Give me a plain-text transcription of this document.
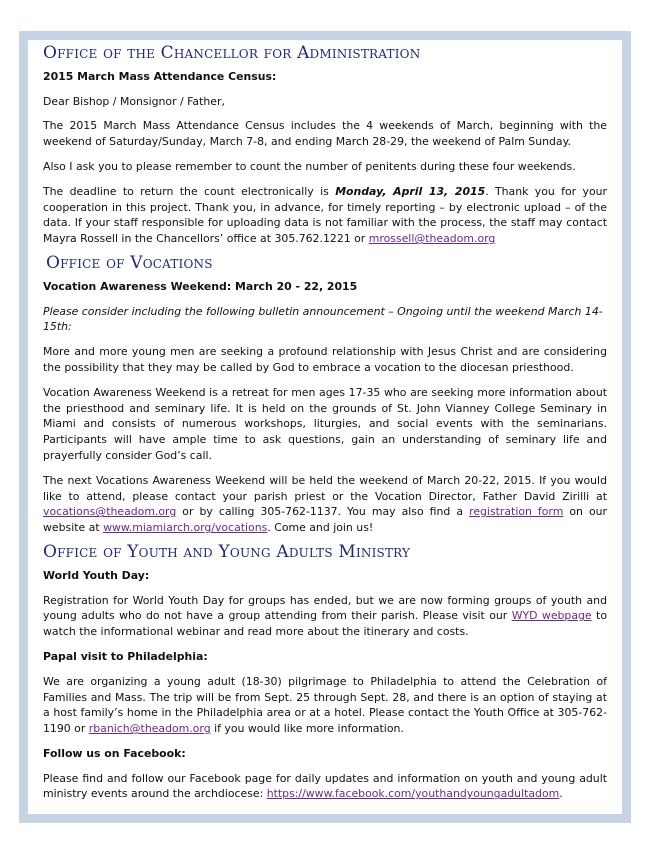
Office of the Chancellor for Administration
2015 March Mass Attendance Census:

Dear Bishop / Monsignor / Father,

The 2015 March Mass Attendance Census includes the 4 weekends of March, beginning with the weekend of Saturday/Sunday, March 7-8, and ending March 28-29, the weekend of Palm Sunday.

Also I ask you to please remember to count the number of penitents during these four weekends.

The deadline to return the count electronically is Monday, April 13, 2015. Thank you for your cooperation in this project. Thank you, in advance, for timely reporting – by electronic upload – of the data. If your staff responsible for uploading data is not familiar with the process, the staff may contact Mayra Rossell in the Chancellors’ office at 305.762.1221 or mrossell@theadom.org

Office of Vocations
Vocation Awareness Weekend: March 20 - 22, 2015

Please consider including the following bulletin announcement – Ongoing until the weekend March 14-15th:

More and more young men are seeking a profound relationship with Jesus Christ and are considering the possibility that they may be called by God to embrace a vocation to the diocesan priesthood.

Vocation Awareness Weekend is a retreat for men ages 17-35 who are seeking more information about the priesthood and seminary life. It is held on the grounds of St. John Vianney College Seminary in Miami and consists of numerous workshops, liturgies, and social events with the seminarians. Participants will have ample time to ask questions, gain an understanding of seminary life and prayerfully consider God’s call.

The next Vocations Awareness Weekend will be held the weekend of March 20-22, 2015. If you would like to attend, please contact your parish priest or the Vocation Director, Father David Zirilli at vocations@theadom.org or by calling 305-762-1137. You may also find a registration form on our website at www.miamiarch.org/vocations. Come and join us!

Office of Youth and Young Adults Ministry
World Youth Day:

Registration for World Youth Day for groups has ended, but we are now forming groups of youth and young adults who do not have a group attending from their parish. Please visit our WYD webpage to watch the informational webinar and read more about the itinerary and costs.

Papal visit to Philadelphia:

We are organizing a young adult (18-30) pilgrimage to Philadelphia to attend the Celebration of Families and Mass. The trip will be from Sept. 25 through Sept. 28, and there is an option of staying at a host family’s home in the Philadelphia area or at a hotel. Please contact the Youth Office at 305-762-1190 or rbanich@theadom.org if you would like more information.

Follow us on Facebook:

Please find and follow our Facebook page for daily updates and information on youth and young adult ministry events around the archdiocese: https://www.facebook.com/youthandyoungadultadom.
